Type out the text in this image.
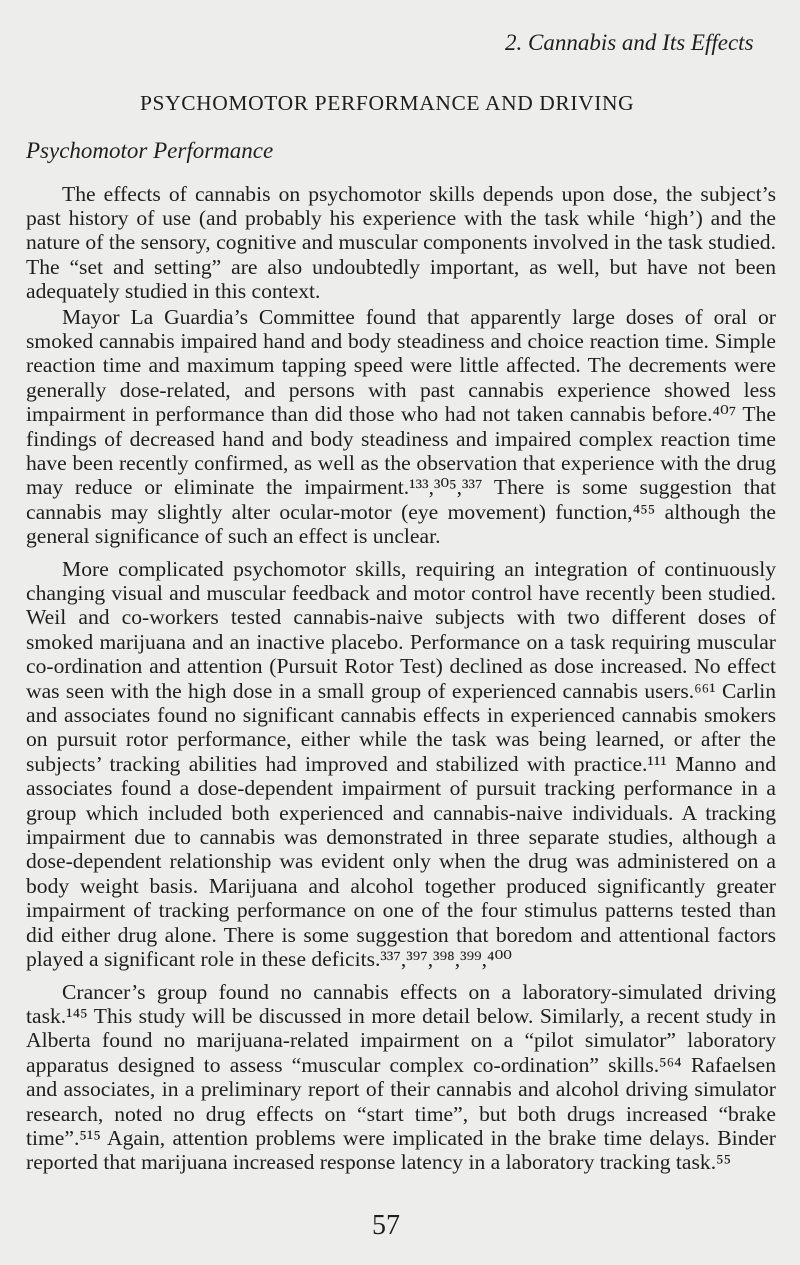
2. Cannabis and Its Effects
PSYCHOMOTOR PERFORMANCE AND DRIVING
Psychomotor Performance

The effects of cannabis on psychomotor skills depends upon dose, the subject’s past history of use (and probably his experience with the task while ‘high’) and the nature of the sensory, cognitive and muscular components involved in the task studied. The “set and setting” are also undoubtedly important, as well, but have not been adequately studied in this context.

Mayor La Guardia’s Committee found that apparently large doses of oral or smoked cannabis impaired hand and body steadiness and choice reaction time. Simple reaction time and maximum tapping speed were little affected. The decrements were generally dose-related, and persons with past cannabis experience showed less impairment in performance than did those who had not taken cannabis before.⁴⁰⁷ The findings of decreased hand and body steadiness and impaired complex reaction time have been recently confirmed, as well as the observation that experience with the drug may reduce or eliminate the impairment.¹³³,³⁰⁵,³³⁷ There is some suggestion that cannabis may slightly alter ocular-motor (eye movement) function,⁴⁵⁵ although the general significance of such an effect is unclear.

More complicated psychomotor skills, requiring an integration of continuously changing visual and muscular feedback and motor control have recently been studied. Weil and co-workers tested cannabis-naive subjects with two different doses of smoked marijuana and an inactive placebo. Performance on a task requiring muscular co-ordination and attention (Pursuit Rotor Test) declined as dose increased. No effect was seen with the high dose in a small group of experienced cannabis users.⁶⁶¹ Carlin and associates found no significant cannabis effects in experienced cannabis smokers on pursuit rotor performance, either while the task was being learned, or after the subjects’ tracking abilities had improved and stabilized with practice.¹¹¹ Manno and associates found a dose-dependent impairment of pursuit tracking performance in a group which included both experienced and cannabis-naive individuals. A tracking impairment due to cannabis was demonstrated in three separate studies, although a dose-dependent relationship was evident only when the drug was administered on a body weight basis. Marijuana and alcohol together produced significantly greater impairment of tracking performance on one of the four stimulus patterns tested than did either drug alone. There is some suggestion that boredom and attentional factors played a significant role in these deficits.³³⁷,³⁹⁷,³⁹⁸,³⁹⁹,⁴⁰⁰

Crancer’s group found no cannabis effects on a laboratory-simulated driving task.¹⁴⁵ This study will be discussed in more detail below. Similarly, a recent study in Alberta found no marijuana-related impairment on a “pilot simulator” laboratory apparatus designed to assess “muscular complex co-ordination” skills.⁵⁶⁴ Rafaelsen and associates, in a preliminary report of their cannabis and alcohol driving simulator research, noted no drug effects on “start time”, but both drugs increased “brake time”.⁵¹⁵ Again, attention problems were implicated in the brake time delays. Binder reported that marijuana increased response latency in a laboratory tracking task.⁵⁵

57
